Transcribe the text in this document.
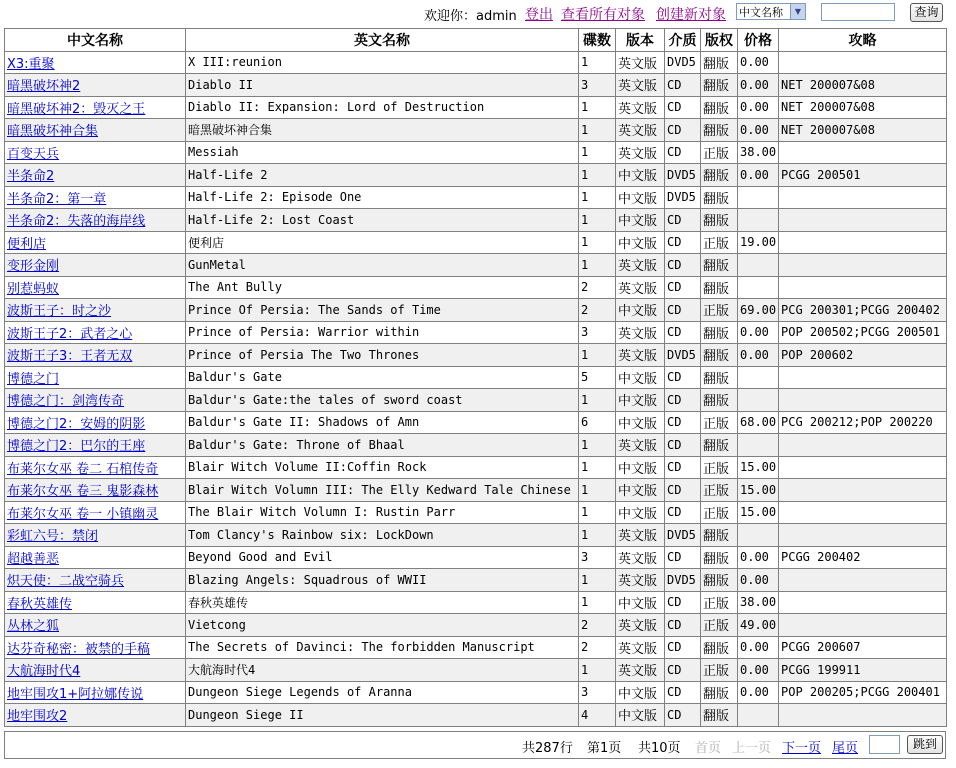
欢迎你：admin 登出 查看所有对象 创建新对象 中文名称	▼	查询
中文名称	英文名称	碟数	版本	介质	版权	价格	攻略
X3:重聚	X III:reunion	1	英文版	DVD5	翻版	0.00	
暗黑破坏神2	Diablo II	3	英文版	CD	翻版	0.00	NET 200007&08
暗黑破坏神2：毁灭之王	Diablo II: Expansion: Lord of Destruction	1	英文版	CD	翻版	0.00	NET 200007&08
暗黑破坏神合集	暗黑破坏神合集	1	英文版	CD	翻版	0.00	NET 200007&08
百变天兵	Messiah	1	英文版	CD	正版	38.00	
半条命2	Half-Life 2	1	中文版	DVD5	翻版	0.00	PCGG 200501
半条命2：第一章	Half-Life 2: Episode One	1	中文版	DVD5	翻版		
半条命2：失落的海岸线	Half-Life 2: Lost Coast	1	中文版	CD	翻版		
便利店	便利店	1	中文版	CD	正版	19.00	
变形金刚	GunMetal	1	英文版	CD	翻版		
别惹蚂蚁	The Ant Bully	2	英文版	CD	翻版		
波斯王子：时之沙	Prince Of Persia: The Sands of Time	2	中文版	CD	正版	69.00	PCG 200301;PCGG 200402
波斯王子2：武者之心	Prince of Persia: Warrior within	3	英文版	CD	翻版	0.00	POP 200502;PCGG 200501
波斯王子3：王者无双	Prince of Persia The Two Thrones	1	英文版	DVD5	翻版	0.00	POP 200602
博德之门	Baldur's Gate	5	中文版	CD	翻版		
博德之门：剑湾传奇	Baldur's Gate:the tales of sword coast	1	中文版	CD	翻版		
博德之门2：安姆的阴影	Baldur's Gate II: Shadows of Amn	6	中文版	CD	正版	68.00	PCG 200212;POP 200220
博德之门2：巴尔的王座	Baldur's Gate: Throne of Bhaal	1	英文版	CD	翻版		
布莱尔女巫 卷二 石棺传奇	Blair Witch Volume II:Coffin Rock	1	中文版	CD	正版	15.00	
布莱尔女巫 卷三 鬼影森林	Blair Witch Volumn III: The Elly Kedward Tale Chinese	1	中文版	CD	正版	15.00	
布莱尔女巫 卷一 小镇幽灵	The Blair Witch Volumn I: Rustin Parr	1	中文版	CD	正版	15.00	
彩虹六号：禁闭	Tom Clancy's Rainbow six: LockDown	1	英文版	DVD5	翻版		
超越善恶	Beyond Good and Evil	3	英文版	CD	翻版	0.00	PCGG 200402
炽天使：二战空骑兵	Blazing Angels: Squadrous of WWII	1	英文版	DVD5	翻版	0.00	
春秋英雄传	春秋英雄传	1	中文版	CD	正版	38.00	
丛林之狐	Vietcong	2	英文版	CD	正版	49.00	
达芬奇秘密：被禁的手稿	The Secrets of Davinci: The forbidden Manuscript	2	英文版	CD	翻版	0.00	PCGG 200607
大航海时代4	大航海时代4	1	英文版	CD	正版	0.00	PCGG 199911
地牢围攻1+阿拉娜传说	Dungeon Siege Legends of Aranna	3	中文版	CD	翻版	0.00	POP 200205;PCGG 200401
地牢围攻2	Dungeon Siege II	4	中文版	CD	翻版		
共287行 第1页 共10页 首页 上一页 下一页 尾页	跳到
